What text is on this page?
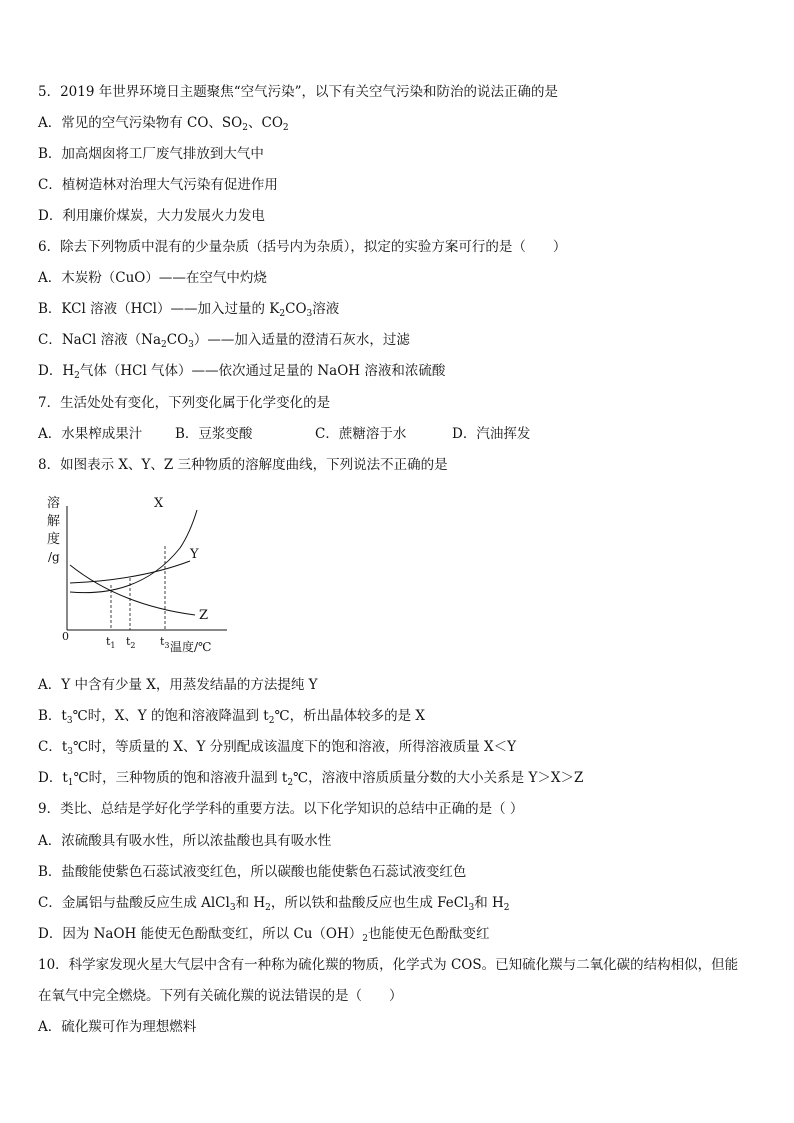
5．2019 年世界环境日主题聚焦“空气污染”，以下有关空气污染和防治的说法正确的是
A．常见的空气污染物有 CO、$SO_2$、$CO_2$
B．加高烟囱将工厂废气排放到大气中
C．植树造林对治理大气污染有促进作用
D．利用廉价煤炭，大力发展火力发电
6．除去下列物质中混有的少量杂质（括号内为杂质），拟定的实验方案可行的是（　　）
A．木炭粉（CuO）——在空气中灼烧
B．KCl 溶液（HCl）——加入过量的 $K_2CO_3$溶液
C．NaCl 溶液$(Na_2CO_3)——$加入适量的澄清石灰水，过滤
D．$H_2$气体（HCl 气体）——依次通过足量的 NaOH 溶液和浓硫酸
7．生活处处有变化，下列变化属于化学变化的是
A．水果榨成果汁 B．豆浆变酸	C．蔗糖溶于水	D．汽油挥发
8．如图表示 X、Y、Z 三种物质的溶解度曲线，下列说法不正确的是
溶
解
度
/g
0
X
Y
Z
$t_1$ $t_2$ $t_3$ 温度/℃
A．Y 中含有少量 X，用蒸发结晶的方法提纯 Y
B．$t_3℃$时，X、Y 的饱和溶液降温到 $t_2℃$，析出晶体较多的是 X
C．$t_3℃$时，等质量的 X、Y 分别配成该温度下的饱和溶液，所得溶液质量 X＜Y
D．$t_1℃$时，三种物质的饱和溶液升温到 $t_2℃$，溶液中溶质质量分数的大小关系是 Y＞X＞Z
9．类比、总结是学好化学学科的重要方法。以下化学知识的总结中正确的是（ ）
A．浓硫酸具有吸水性，所以浓盐酸也具有吸水性
B．盐酸能使紫色石蕊试液变红色，所以碳酸也能使紫色石蕊试液变红色
C．金属铝与盐酸反应生成 AlCl$_3$和 $H_2$，所以铁和盐酸反应也生成 FeCl$_3$和 $H_2$
D．因为 NaOH 能使无色酚酞变红，所以 $Cu(OH)_2$也能使无色酚酞变红
10．科学家发现火星大气层中含有一种称为硫化羰的物质，化学式为 COS。已知硫化羰与二氧化碳的结构相似，但能
在氧气中完全燃烧。下列有关硫化羰的说法错误的是（　　）
A．硫化羰可作为理想燃料
